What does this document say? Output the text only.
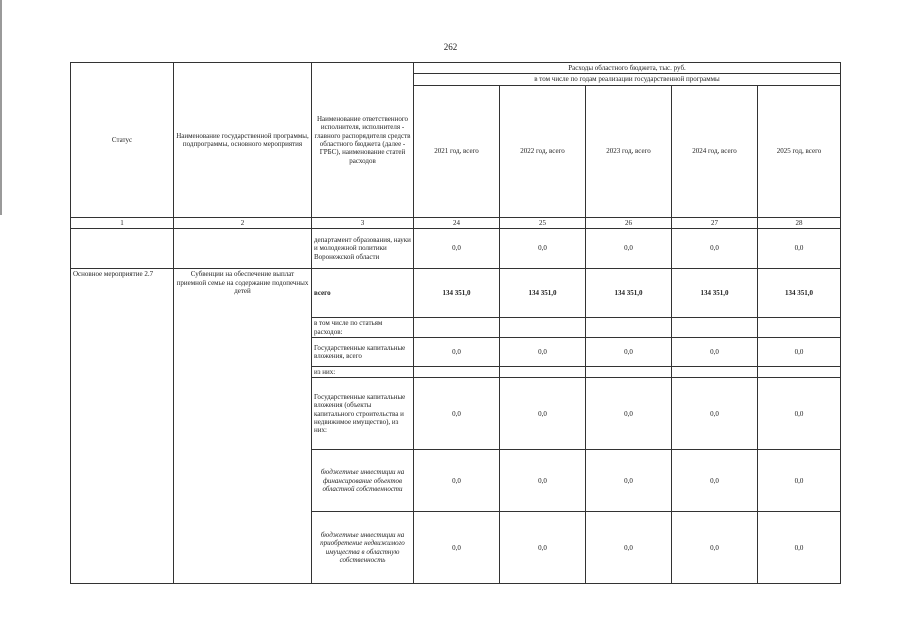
262
Статус	Наименование государственной программы, подпрограммы, основного мероприятия	Наименование ответственного исполнителя, исполнителя - главного распорядителя средств областного бюджета (далее - ГРБС), наименование статей расходов	Расходы областного бюджета, тыс. руб.				
			в том числе по годам реализации государственной программы				
			2021 год, всего	2022 год, всего	2023 год, всего	2024 год, всего	2025 год, всего
1	2	3	24	25	26	27	28
		департамент образования, науки и молодежной политики Воронежской области	0,0	0,0	0,0	0,0	0,0
Основное мероприятие 2.7	Субвенции на обеспечение выплат приемной семье на содержание подопечных детей	всего	134 351,0	134 351,0	134 351,0	134 351,0	134 351,0
		в том числе по статьям расходов:					
		Государственные капитальные вложения, всего	0,0	0,0	0,0	0,0	0,0
		из них:					
		Государственные капитальные вложения (объекты капитального строительства и недвижимое имущество), из них:	0,0	0,0	0,0	0,0	0,0
		бюджетные инвестиции на финансирование объектов областной собственности	0,0	0,0	0,0	0,0	0,0
		бюджетные инвестиции на приобретение недвижимого имущества в областную собственность	0,0	0,0	0,0	0,0	0,0
